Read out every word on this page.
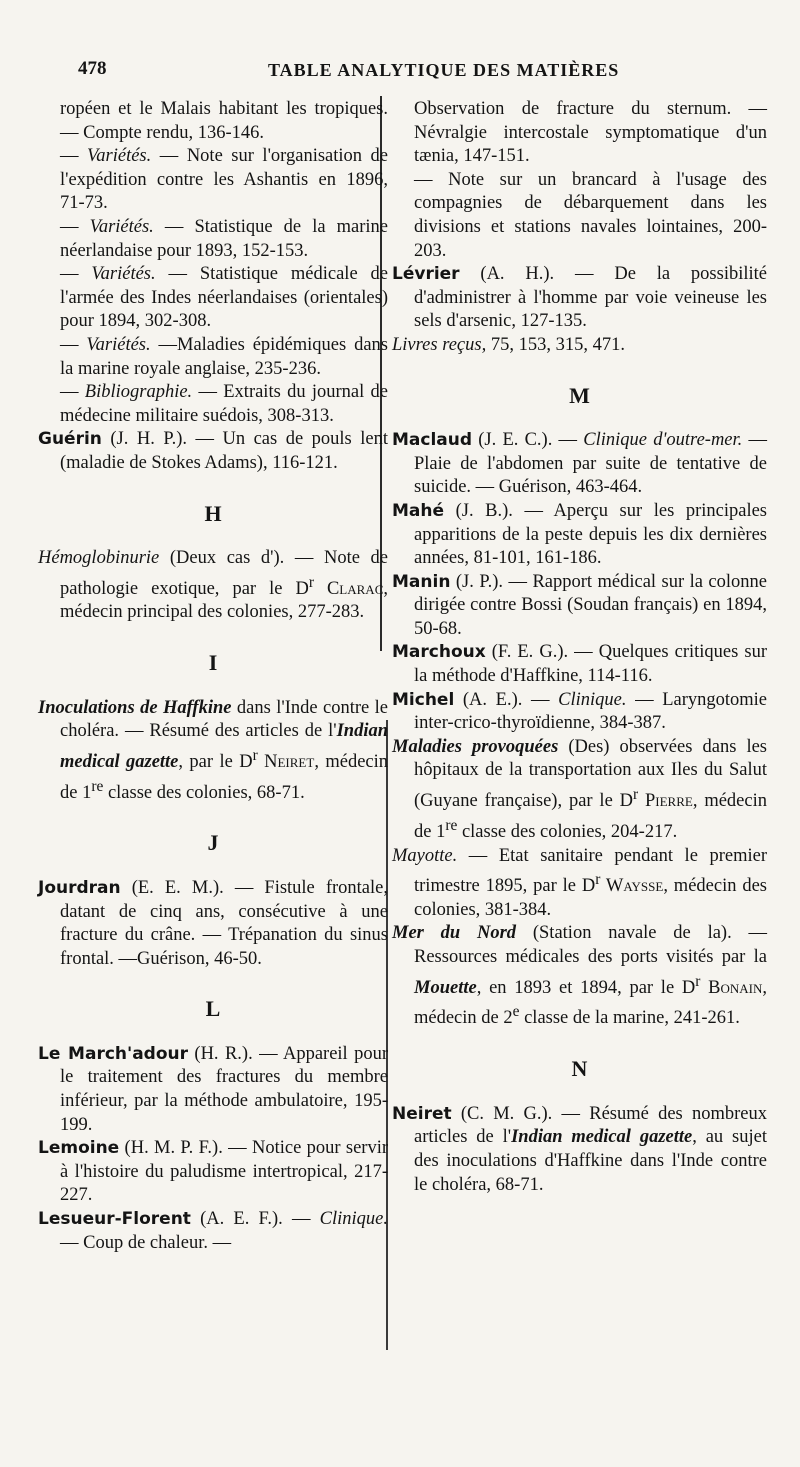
478	TABLE ANALYTIQUE DES MATIÈRES

ropéen et le Malais habitant les tropiques. — Compte rendu, 136-146.

— Variétés. — Note sur l'organisation de l'expédition contre les Ashantis en 1896, 71-73.

— Variétés. — Statistique de la marine néerlandaise pour 1893, 152-153.

— Variétés. — Statistique médicale de l'armée des Indes néerlandaises (orientales) pour 1894, 302-308.

— Variétés. —Maladies épidémiques dans la marine royale anglaise, 235-236.

— Bibliographie. — Extraits du journal de médecine militaire suédois, 308-313.

Guérin (J. H. P.). — Un cas de pouls lent (maladie de Stokes Adams), 116-121.

H

Hémoglobinurie (Deux cas d'). — Note de pathologie exotique, par le $D^r$ Clarac, médecin principal des colonies, 277-283.

I

Inoculations de Haffkine dans l'Inde contre le choléra. — Résumé des articles de l'Indian medical gazette, par le $D^r$ Neiret, médecin de 1re classe des colonies, 68-71.

J

Jourdran (E. E. M.). — Fistule frontale, datant de cinq ans, consécutive à une fracture du crâne. — Trépanation du sinus frontal. —Guérison, 46-50.

L

Le March'adour (H. R.). — Appareil pour le traitement des fractures du membre inférieur, par la méthode ambulatoire, 195-199.

Lemoine (H. M. P. F.). — Notice pour servir à l'histoire du paludisme intertropical, 217-227.

Lesueur-Florent (A. E. F.). — Clinique. — Coup de chaleur. —

Observation de fracture du sternum. — Névralgie intercostale symptomatique d'un tænia, 147-151.

— Note sur un brancard à l'usage des compagnies de débarquement dans les divisions et stations navales lointaines, 200-203.

Lévrier (A. H.). — De la possibilité d'administrer à l'homme par voie veineuse les sels d'arsenic, 127-135.

Livres reçus, 75, 153, 315, 471.

M

Maclaud (J. E. C.). — Clinique d'outre-mer. — Plaie de l'abdomen par suite de tentative de suicide. — Guérison, 463-464.

Mahé (J. B.). — Aperçu sur les principales apparitions de la peste depuis les dix dernières années, 81-101, 161-186.

Manin (J. P.). — Rapport médical sur la colonne dirigée contre Bossi (Soudan français) en 1894, 50-68.

Marchoux (F. E. G.). — Quelques critiques sur la méthode d'Haffkine, 114-116.

Michel (A. E.). — Clinique. — Laryngotomie inter-crico-thyroïdienne, 384-387.

Maladies provoquées (Des) observées dans les hôpitaux de la transportation aux Iles du Salut (Guyane française), par le $D^r$ Pierre, médecin de 1re classe des colonies, 204-217.

Mayotte. — Etat sanitaire pendant le premier trimestre 1895, par le $D^r$ Waysse, médecin des colonies, 381-384.

Mer du Nord (Station navale de la). — Ressources médicales des ports visités par la Mouette, en 1893 et 1894, par le $D^r$ Bonain, médecin de 2e classe de la marine, 241-261.

N

Neiret (C. M. G.). — Résumé des nombreux articles de l'Indian medical gazette, au sujet des inoculations d'Haffkine dans l'Inde contre le choléra, 68-71.
